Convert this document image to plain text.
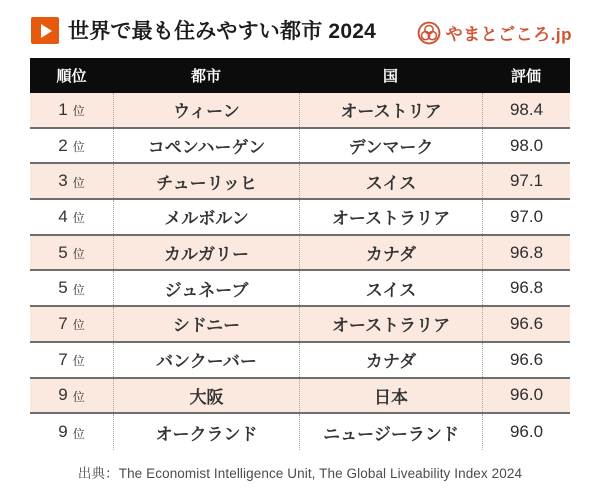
世界で最も住みやすい都市 2024	やまとごころ.jp
順位	都市	国	評価
1 位	ウィーン	オーストリア	98.4
2 位	コペンハーゲン	デンマーク	98.0
3 位	チューリッヒ	スイス	97.1
4 位	メルボルン	オーストラリア	97.0
5 位	カルガリー	カナダ	96.8
5 位	ジュネーブ	スイス	96.8
7 位	シドニー	オーストラリア	96.6
7 位	バンクーバー	カナダ	96.6
9 位	大阪	日本	96.0
9 位	オークランド	ニュージーランド	96.0
出典：The Economist Intelligence Unit, The Global Liveability Index 2024
